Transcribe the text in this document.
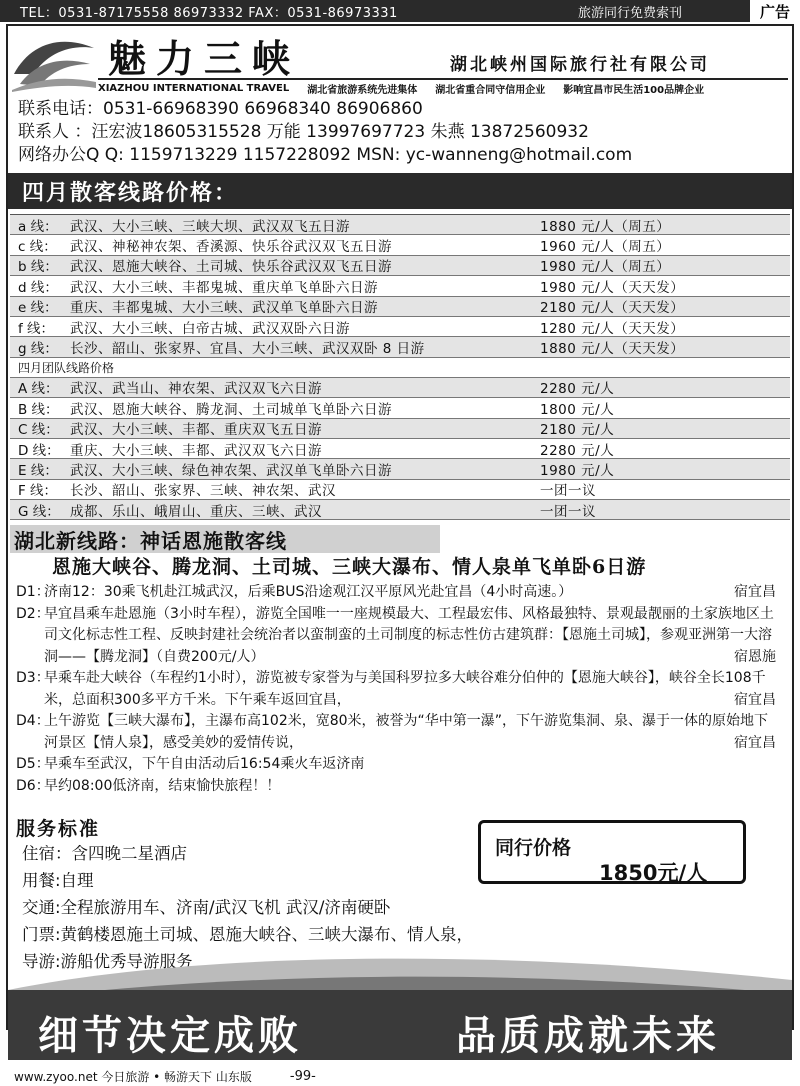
TEL：0531-87175558 86973332 FAX：0531-86973331	旅游同行免费索刊	广告
魅力三峡	湖北峡州国际旅行社有限公司
XIAZHOU INTERNATIONAL TRAVEL 湖北省旅游系统先进集体 湖北省重合同守信用企业 影响宜昌市民生活100品牌企业
联系电话：0531-66968390 66968340 86906860
联系人 ：汪宏波18605315528 万能 13997697723 朱燕 13872560932
网络办公Q Q: 1159713229 1157228092 MSN: yc-wanneng@hotmail.com
四月散客线路价格：
a 线： 武汉、大小三峡、三峡大坝、武汉双飞五日游	1880 元/人（周五）
c 线： 武汉、神秘神农架、香溪源、快乐谷武汉双飞五日游	1960 元/人（周五）
b 线： 武汉、恩施大峡谷、土司城、快乐谷武汉双飞五日游	1980 元/人（周五）
d 线： 武汉、大小三峡、丰都鬼城、重庆单飞单卧六日游	1980 元/人（天天发）
e 线： 重庆、丰都鬼城、大小三峡、武汉单飞单卧六日游	2180 元/人（天天发）
f 线：	武汉、大小三峡、白帝古城、武汉双卧六日游	1280 元/人（天天发）
g 线： 长沙、韶山、张家界、宜昌、大小三峡、武汉双卧 8 日游	1880 元/人（天天发）
四月团队线路价格
A 线： 武汉、武当山、神农架、武汉双飞六日游	2280 元/人
B 线： 武汉、恩施大峡谷、腾龙洞、土司城单飞单卧六日游	1800 元/人
C 线： 武汉、大小三峡、丰都、重庆双飞五日游	2180 元/人
D 线： 重庆、大小三峡、丰都、武汉双飞六日游	2280 元/人
E 线： 武汉、大小三峡、绿色神农架、武汉单飞单卧六日游	1980 元/人
F 线： 长沙、韶山、张家界、三峡、神农架、武汉	一团一议
G 线： 成都、乐山、峨眉山、重庆、三峡、武汉	一团一议
湖北新线路：神话恩施散客线
恩施大峡谷、腾龙洞、土司城、三峡大瀑布、情人泉单飞单卧6日游
D1：
济南12：30乘飞机赴江城武汉，后乘BUS沿途观江汉平原风光赴宜昌（4小时高速。）	宿宜昌
D2：
早宜昌乘车赴恩施（3小时车程），游览全国唯一一座规模最大、工程最宏伟、风格最独特、景观最靓丽的土家族地区土司文化标志性工程、反映封建社会统治者以蛮制蛮的土司制度的标志性仿古建筑群：【恩施土司城】，参观亚洲第一大溶洞——【腾龙洞】（自费200元/人）	宿恩施
D3：
早乘车赴大峡谷（车程约1小时），游览被专家誉为与美国科罗拉多大峡谷难分伯仲的【恩施大峡谷】，峡谷全长108千米，总面积300多平方千米。下午乘车返回宜昌，	宿宜昌
D4：
上午游览【三峡大瀑布】，主瀑布高102米，宽80米，被誉为“华中第一瀑”，下午游览集洞、泉、瀑于一体的原始地下河景区【情人泉】，感受美妙的爱情传说，	宿宜昌
D5：
早乘车至武汉，下午自由活动后16:54乘火车返济南
D6：
早约08:00低济南，结束愉快旅程！！
服务标准
住宿：含四晚二星酒店
用餐:自理
交通:全程旅游用车、济南/武汉飞机 武汉/济南硬卧
门票:黄鹤楼恩施土司城、恩施大峡谷、三峡大瀑布、情人泉，
导游:游船优秀导游服务
同行价格
1850元/人
细节决定成败	品质成就未来
www.zyoo.net 今日旅游 • 畅游天下 山东版	-99-
